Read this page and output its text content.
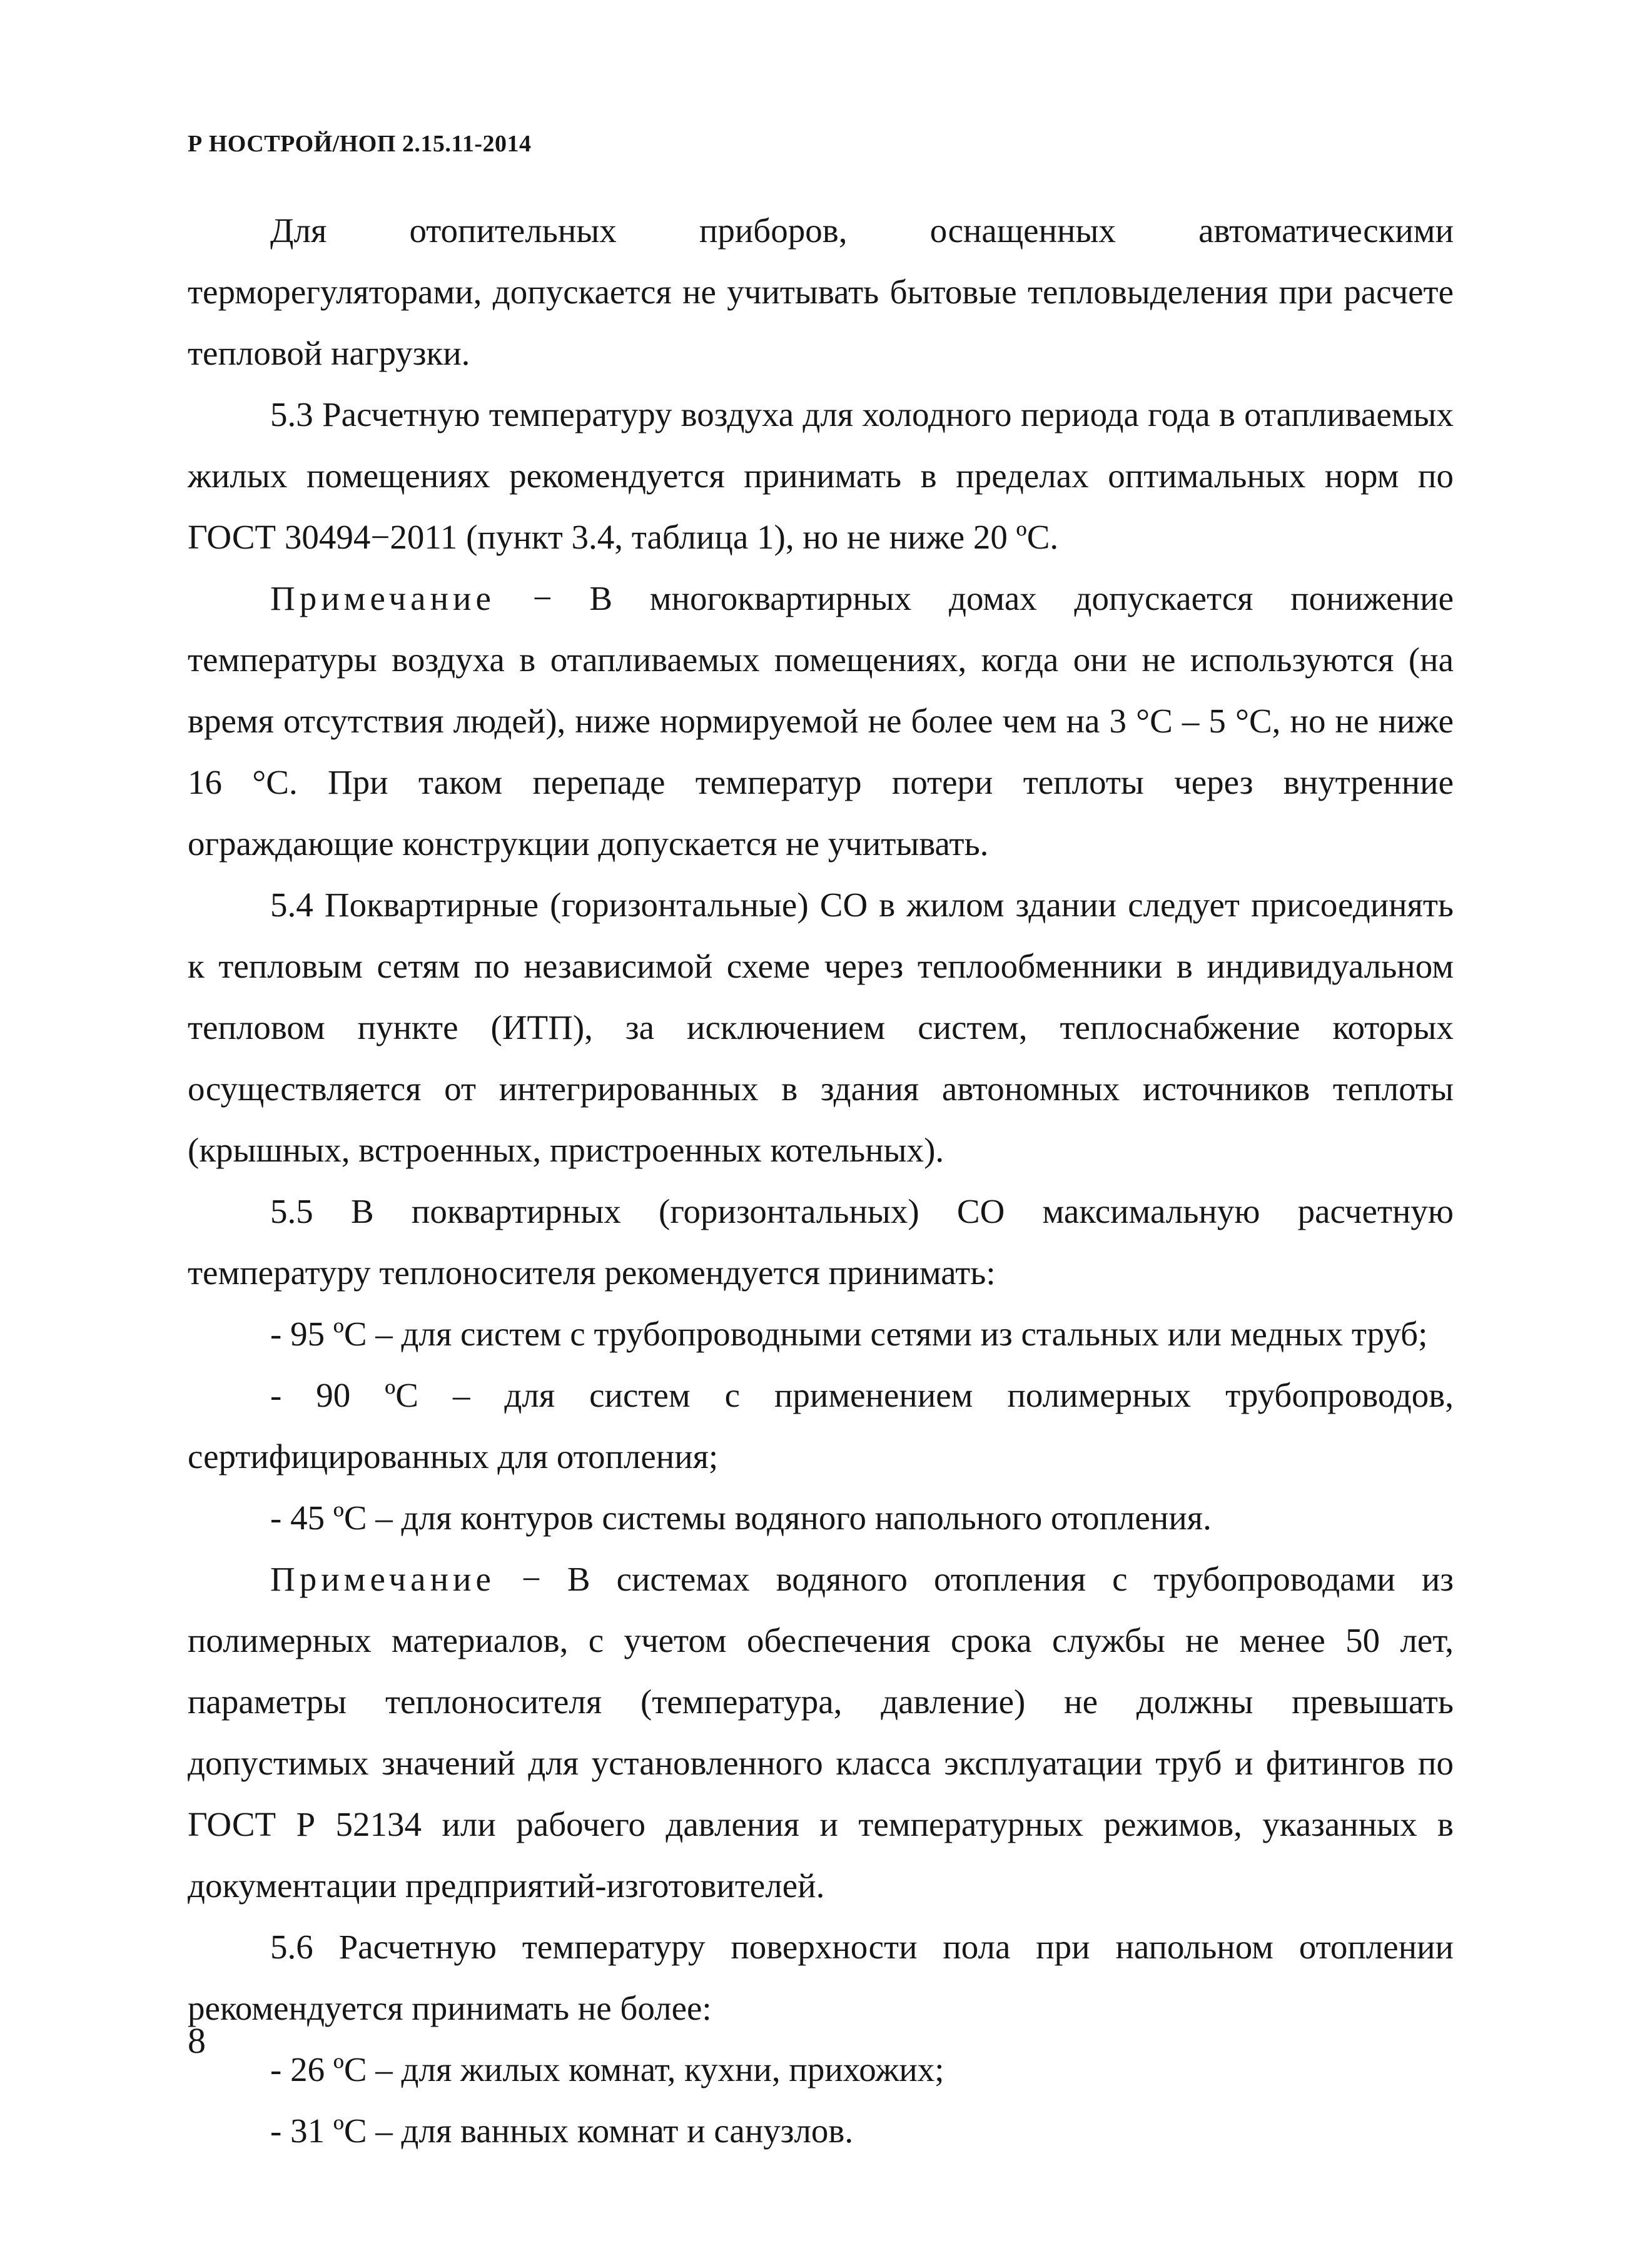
Р НОСТРОЙ/НОП 2.15.11-2014

Для отопительных приборов, оснащенных автоматическими терморегуляторами, допускается не учитывать бытовые тепловыделения при расчете тепловой нагрузки.

5.3 Расчетную температуру воздуха для холодного периода года в отапливаемых жилых помещениях рекомендуется принимать в пределах оптимальных норм по ГОСТ 30494−2011 (пункт 3.4, таблица 1), но не ниже 20 ºС.

Примечание − В многоквартирных домах допускается понижение температуры воздуха в отапливаемых помещениях, когда они не используются (на время отсутствия людей), ниже нормируемой не более чем на 3 °С – 5 °С, но не ниже 16 °С. При таком перепаде температур потери теплоты через внутренние ограждающие конструкции допускается не учитывать.

5.4 Поквартирные (горизонтальные) СО в жилом здании следует присоединять к тепловым сетям по независимой схеме через теплообменники в индивидуальном тепловом пункте (ИТП), за исключением систем, теплоснабжение которых осуществляется от интегрированных в здания автономных источников теплоты (крышных, встроенных, пристроенных котельных).

5.5 В поквартирных (горизонтальных) СО максимальную расчетную температуру теплоносителя рекомендуется принимать:

- 95 ºС – для систем с трубопроводными сетями из стальных или медных труб;

- 90 ºС – для систем с применением полимерных трубопроводов, сертифицированных для отопления;

- 45 ºС – для контуров системы водяного напольного отопления.

Примечание − В системах водяного отопления с трубопроводами из полимерных материалов, с учетом обеспечения срока службы не менее 50 лет, параметры теплоносителя (температура, давление) не должны превышать допустимых значений для установленного класса эксплуатации труб и фитингов по ГОСТ Р 52134 или рабочего давления и температурных режимов, указанных в документации предприятий-изготовителей.

5.6 Расчетную температуру поверхности пола при напольном отоплении рекомендуется принимать не более:

- 26 ºС – для жилых комнат, кухни, прихожих;

- 31 ºС – для ванных комнат и санузлов.

8
